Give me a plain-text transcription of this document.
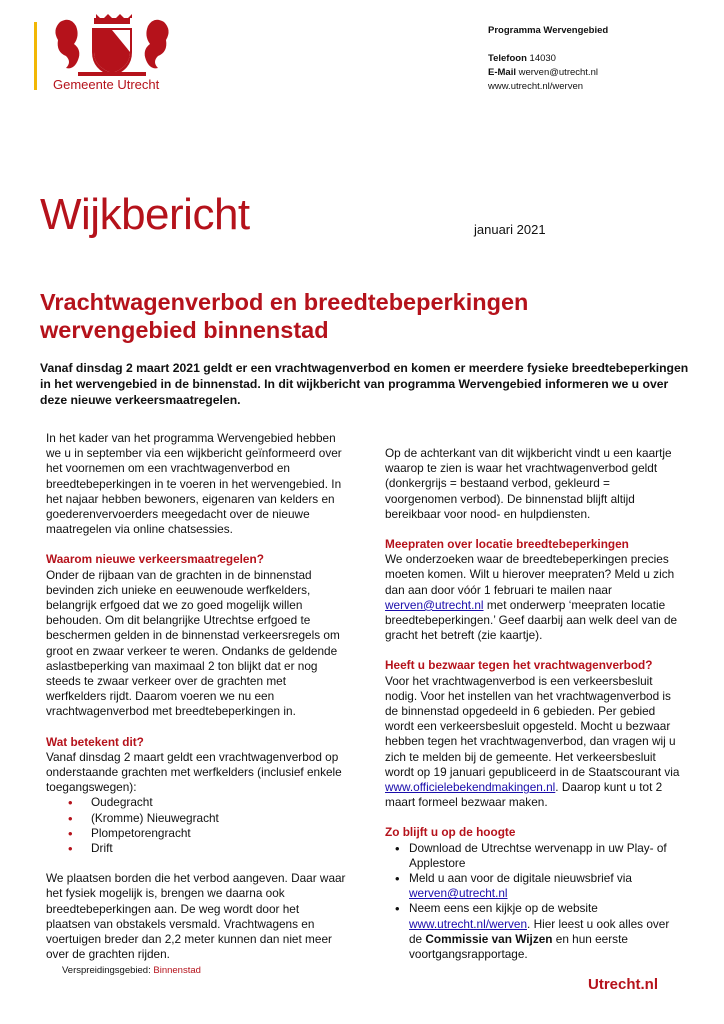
Gemeente Utrecht
Programma Wervengebied
Telefoon 14030
E-Mail werven@utrecht.nl
www.utrecht.nl/werven
Wijkbericht	januari 2021
Vrachtwagenverbod en breedtebeperkingen
wervengebied binnenstad
Vanaf dinsdag 2 maart 2021 geldt er een vrachtwagenverbod en komen er meerdere fysieke breedtebeperkingen in het wervengebied in de binnenstad. In dit wijkbericht van programma Wervengebied informeren we u over deze nieuwe verkeersmaatregelen.

In het kader van het programma Wervengebied hebben we u in september via een wijkbericht geïnformeerd over het voornemen om een vrachtwagenverbod en breedtebeperkingen in te voeren in het wervengebied. In het najaar hebben bewoners, eigenaren van kelders en goederenvervoerders meegedacht over de nieuwe maatregelen via online chatsessies.

Waarom nieuwe verkeersmaatregelen?

Onder de rijbaan van de grachten in de binnenstad bevinden zich unieke en eeuwenoude werfkelders, belangrijk erfgoed dat we zo goed mogelijk willen behouden. Om dit belangrijke Utrechtse erfgoed te beschermen gelden in de binnenstad verkeersregels om groot en zwaar verkeer te weren. Ondanks de geldende aslastbeperking van maximaal 2 ton blijkt dat er nog steeds te zwaar verkeer over de grachten met werfkelders rijdt. Daarom voeren we nu een vrachtwagenverbod met breedtebeperkingen in.

Wat betekent dit?

Vanaf dinsdag 2 maart geldt een vrachtwagenverbod op onderstaande grachten met werfkelders (inclusief enkele toegangswegen):

• Oudegracht
• (Kromme) Nieuwegracht
• Plompetorengracht
• Drift

We plaatsen borden die het verbod aangeven. Daar waar het fysiek mogelijk is, brengen we daarna ook breedtebeperkingen aan. De weg wordt door het plaatsen van obstakels versmald. Vrachtwagens en voertuigen breder dan 2,2 meter kunnen dan niet meer over de grachten rijden.

Op de achterkant van dit wijkbericht vindt u een kaartje waarop te zien is waar het vrachtwagenverbod geldt (donkergrijs = bestaand verbod, gekleurd = voorgenomen verbod). De binnenstad blijft altijd bereikbaar voor nood- en hulpdiensten.

Meepraten over locatie breedtebeperkingen

We onderzoeken waar de breedtebeperkingen precies moeten komen. Wilt u hierover meepraten? Meld u zich dan aan door vóór 1 februari te mailen naar werven@utrecht.nl met onderwerp ‘meepraten locatie breedtebeperkingen.’ Geef daarbij aan welk deel van de gracht het betreft (zie kaartje).

Heeft u bezwaar tegen het vrachtwagenverbod?

Voor het vrachtwagenverbod is een verkeersbesluit nodig. Voor het instellen van het vrachtwagenverbod is de binnenstad opgedeeld in 6 gebieden. Per gebied wordt een verkeersbesluit opgesteld. Mocht u bezwaar hebben tegen het vrachtwagenverbod, dan vragen wij u zich te melden bij de gemeente. Het verkeersbesluit wordt op 19 januari gepubliceerd in de Staatscourant via www.officielebekendmakingen.nl. Daarop kunt u tot 2 maart formeel bezwaar maken.

Zo blijft u op de hoogte
• Download de Utrechtse wervenapp in uw Play- of Applestore
• Meld u aan voor de digitale nieuwsbrief via werven@utrecht.nl
• Neem eens een kijkje op de website www.utrecht.nl/werven. Hier leest u ook alles over de Commissie van Wijzen en hun eerste voortgangsrapportage.
Verspreidingsgebied: Binnenstad
Utrecht.nl
